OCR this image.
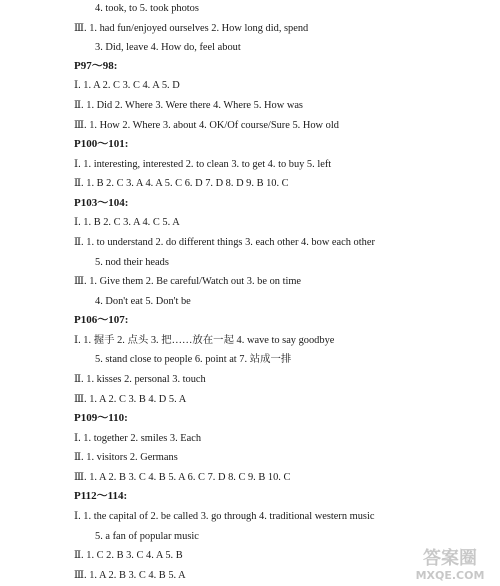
4. took, to 5. took photos
Ⅲ. 1. had fun/enjoyed ourselves 2. How long did, spend
3. Did, leave 4. How do, feel about
P97～98:
Ⅰ. 1. A 2. C 3. C 4. A 5. D
Ⅱ. 1. Did 2. Where 3. Were there 4. Where 5. How was
Ⅲ. 1. How 2. Where 3. about 4. OK/Of course/Sure 5. How old
P100～101:
Ⅰ. 1. interesting, interested 2. to clean 3. to get 4. to buy 5. left
Ⅱ. 1. B 2. C 3. A 4. A 5. C 6. D 7. D 8. D 9. B 10. C
P103～104:
Ⅰ. 1. B 2. C 3. A 4. C 5. A
Ⅱ. 1. to understand 2. do different things 3. each other 4. bow each other
5. nod their heads
Ⅲ. 1. Give them 2. Be careful/Watch out 3. be on time
4. Don't eat 5. Don't be
P106～107:
Ⅰ. 1. 握手 2. 点头 3. 把……放在一起 4. wave to say goodbye
5. stand close to people 6. point at 7. 站成一排
Ⅱ. 1. kisses 2. personal 3. touch
Ⅲ. 1. A 2. C 3. B 4. D 5. A
P109～110:
Ⅰ. 1. together 2. smiles 3. Each
Ⅱ. 1. visitors 2. Germans
Ⅲ. 1. A 2. B 3. C 4. B 5. A 6. C 7. D 8. C 9. B 10. C
P112～114:
Ⅰ. 1. the capital of 2. be called 3. go through 4. traditional western music
5. a fan of popular music
Ⅱ. 1. C 2. B 3. C 4. A 5. B
Ⅲ. 1. A 2. B 3. C 4. B 5. A
答案圈
MXQE.COM
